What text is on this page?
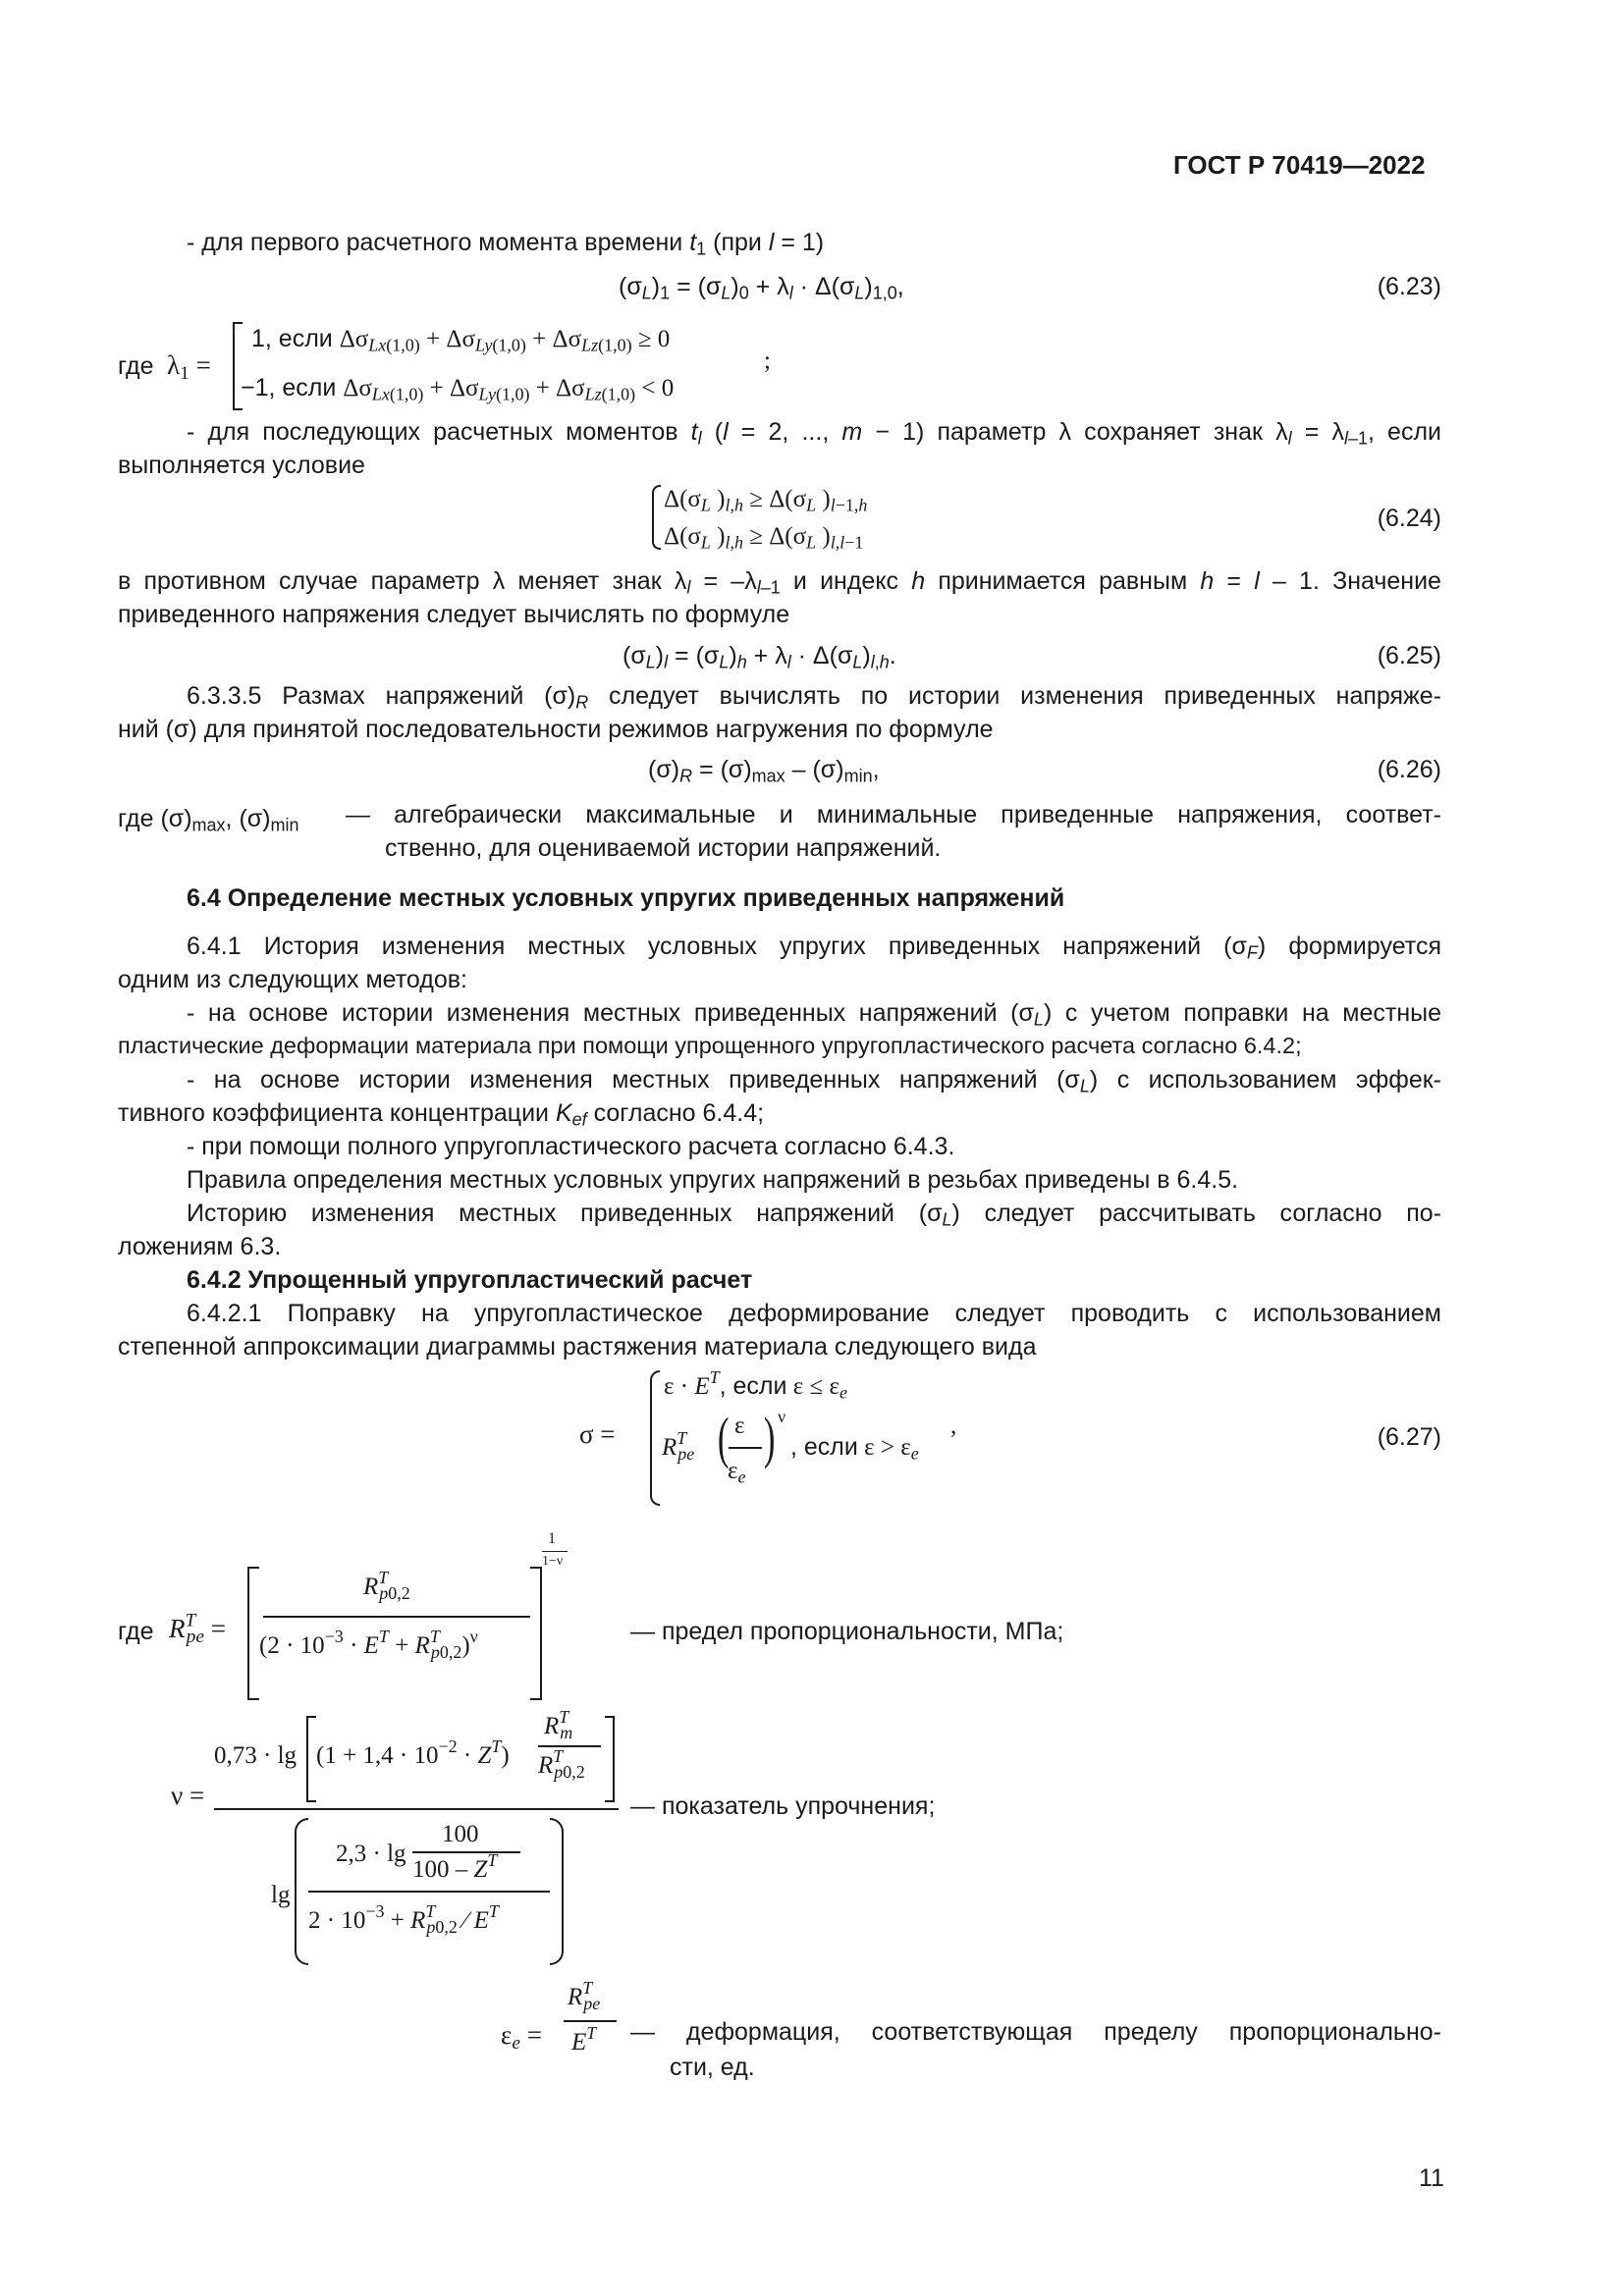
ГОСТ Р 70419—2022
- для первого расчетного момента времени $t_1$ (при l = 1)
$(\sigma_L)_1 = (\sigma_L)_0 + \lambda_l \cdot \Delta(\sigma_L)_{1,0}$,	(6.23)
где $\lambda_1$ =
1, если $\Delta\sigma_{Lx(1,0)} + \Delta\sigma_{Ly(1,0)} + \Delta\sigma_{Lz(1,0)} \ge 0$
−1, если $\Delta\sigma_{Lx(1,0)} + \Delta\sigma_{Ly(1,0)} + \Delta\sigma_{Lz(1,0)} < 0$
;
- для последующих расчетных моментов $t_l$ (l = 2, ..., m − 1) параметр λ сохраняет знак $\lambda_l = \lambda_{l-1}$, если
выполняется условие
$\Delta(\sigma_L$ )$_{l,h} \ge \Delta(\sigma_L$ )$_{l-1,h}$
$\Delta(\sigma_L$ )$_{l,h} \ge \Delta(\sigma_L$ )$_{l,l-1}$
(6.24)
в противном случае параметр λ меняет знак $\lambda_l = -\lambda_{l-1}$ и индекс h принимается равным h = l – 1. Значение
приведенного напряжения следует вычислять по формуле
$(\sigma_L)_l = (\sigma_L)_h + \lambda_l \cdot \Delta(\sigma_L)_{l,h}$.	(6.25)
6.3.3.5 Размах напряжений $(\sigma)_R$ следует вычислять по истории изменения приведенных напряже-
ний (σ) для принятой последовательности режимов нагружения по формуле
$(\sigma)_R = (\sigma)_{max} - (\sigma)_{min}$,	(6.26)
где $(\sigma)_{max}$, $(\sigma)_{min}$ — алгебраически максимальные и минимальные приведенные напряжения, соответ-
ственно, для оцениваемой истории напряжений.
6.4 Определение местных условных упругих приведенных напряжений
6.4.1 История изменения местных условных упругих приведенных напряжений $(\sigma_F)$ формируется
одним из следующих методов:
- на основе истории изменения местных приведенных напряжений $(\sigma_L)$ с учетом поправки на местные
пластические деформации материала при помощи упрощенного упругопластического расчета согласно 6.4.2;
- на основе истории изменения местных приведенных напряжений $(\sigma_L)$ с использованием эффек-
тивного коэффициента концентрации $K_{ef}$ согласно 6.4.4;
- при помощи полного упругопластического расчета согласно 6.4.3.
Правила определения местных условных упругих напряжений в резьбах приведены в 6.4.5.
Историю изменения местных приведенных напряжений $(\sigma_L)$ следует рассчитывать согласно по-
ложениям 6.3.
6.4.2 Упрощенный упругопластический расчет
6.4.2.1 Поправку на упругопластическое деформирование следует проводить с использованием
степенной аппроксимации диаграммы растяжения материала следующего вида
σ =
$\varepsilon \cdot E^T$, если $\varepsilon \le \varepsilon_e$
$R^T_{pe}$ ( ε
$\varepsilon_e$
) ν
, если $\varepsilon > \varepsilon_e$
,	(6.27)
где $R^T_{pe}$ =
$R^T_{p0,2}$
$(2 \cdot 10^{-3} \cdot E^T + R^T_{p0,2})^\nu$
1
1−ν
— предел пропорциональности, МПа;
ν =
$0,73 \cdot \lg (1 + 1,4 \cdot 10^{-2} \cdot Z^T)$
$R^T_m$
$R^T_{p0,2}$
lg
2,3 · lg
100
$100 - Z^T$
$2 \cdot 10^{-3} + R^T_{p0,2}$ ⁄ $E^T$
— показатель упрочнения;
$\varepsilon_e$ =
$R^T_{pe}$
$E^T$ — деформация, соответствующая пределу пропорционально-
сти, ед.
11
